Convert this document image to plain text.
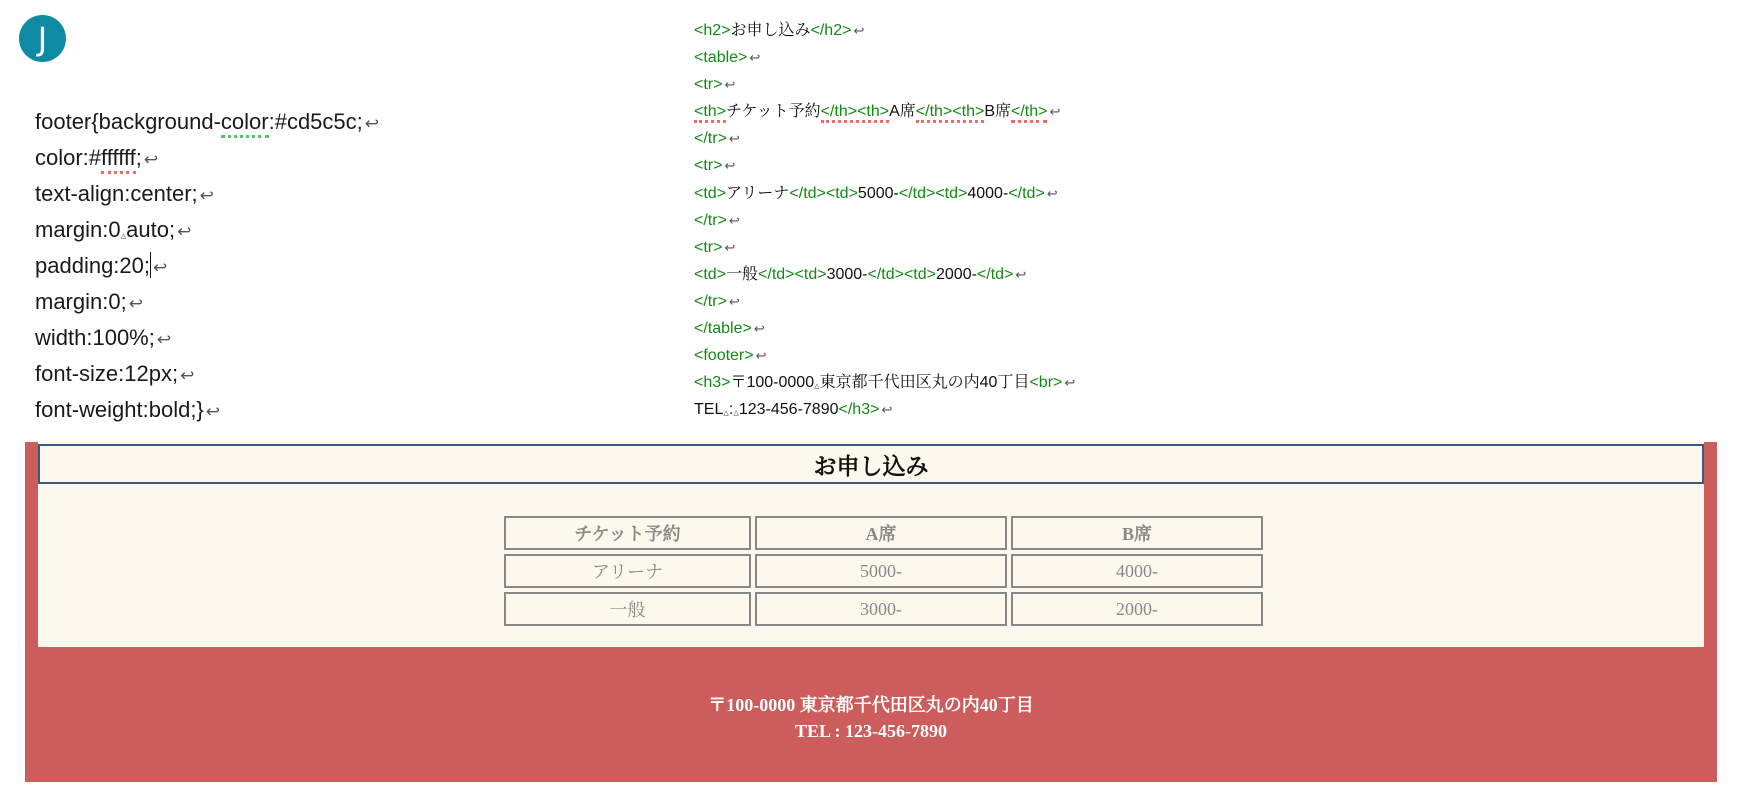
J
footer{background-color:#cd5c5c; ↩
color:#ffffff; ↩
text-align:center; ↩
margin:0▵auto; ↩
padding:20; ↩
margin:0; ↩
width:100%; ↩
font-size:12px; ↩
font-weight:bold;} ↩
<h2>お申し込み</h2> ↩
<table> ↩
<tr> ↩
<th>チケット予約</th><th>A席</th><th>B席</th> ↩
</tr> ↩
<tr> ↩
<td>アリーナ</td><td>5000-</td><td>4000-</td> ↩
</tr> ↩
<tr> ↩
<td>一般</td><td>3000-</td><td>2000-</td> ↩
</tr> ↩
</table> ↩
<footer> ↩
<h3>〒100-0000▵東京都千代田区丸の内40丁目<br> ↩
TEL▵:▵123-456-7890</h3> ↩
お申し込み
チケット予約	A席	B席
アリーナ	5000-	4000-
一般	3000-	2000-
〒100-0000 東京都千代田区丸の内40丁目
TEL : 123-456-7890
